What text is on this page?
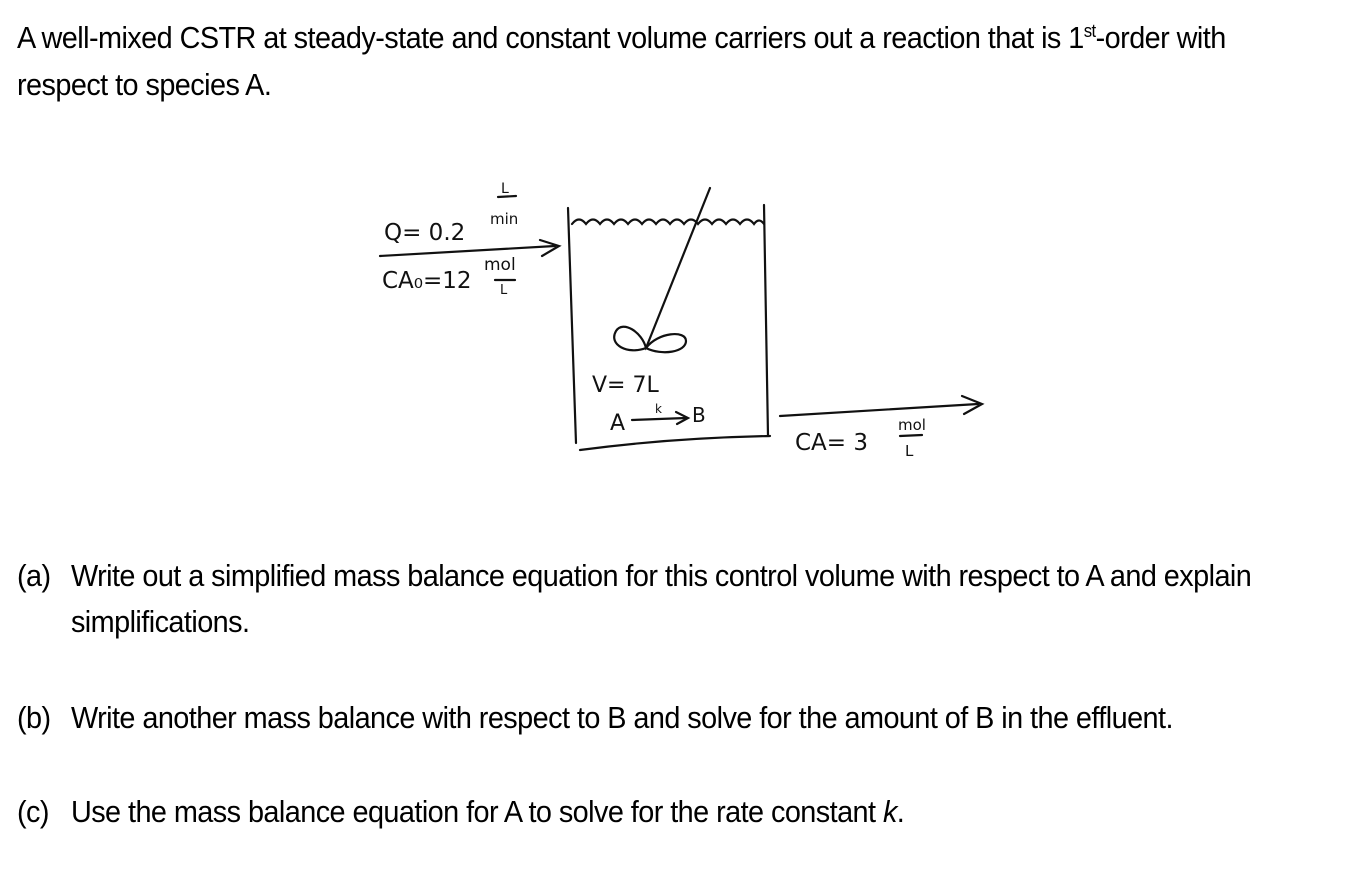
A well-mixed CSTR at steady-state and constant volume carriers out a reaction that is 1st-order with respect to species A.
Q= 0.2
L
min
CA₀=12
mol
L
V= 7L
A
k B
CA= 3
mol
L
(a) Write out a simplified mass balance equation for this control volume with respect to A and explain simplifications.
(b) Write another mass balance with respect to B and solve for the amount of B in the effluent.
(c) Use the mass balance equation for A to solve for the rate constant k.
